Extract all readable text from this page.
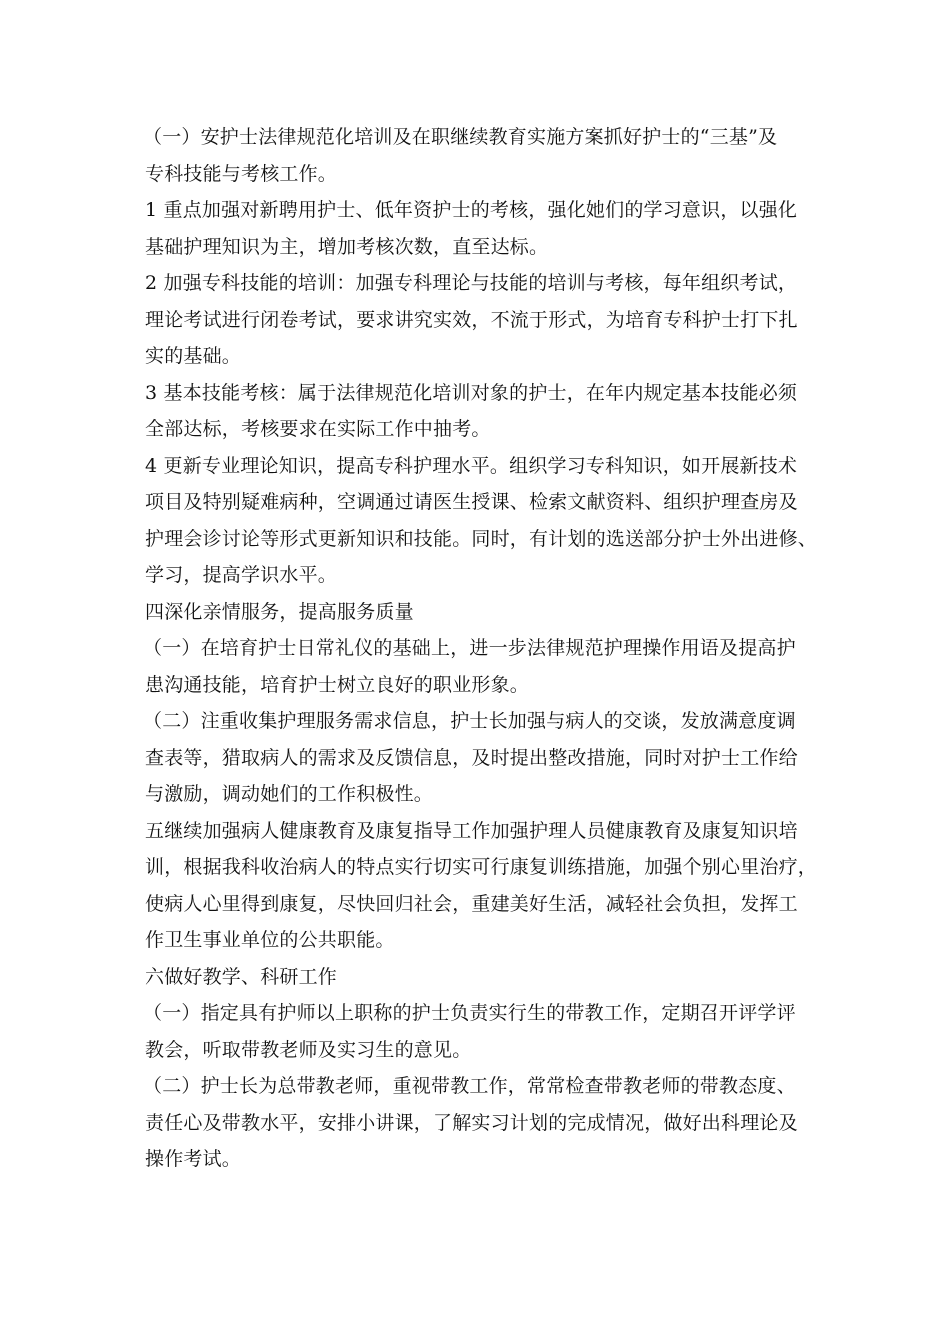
（一）安护士法律规范化培训及在职继续教育实施方案抓好护士的“三基”及
专科技能与考核工作。
1 重点加强对新聘用护士、低年资护士的考核，强化她们的学习意识，以强化
基础护理知识为主，增加考核次数，直至达标。
2 加强专科技能的培训：加强专科理论与技能的培训与考核，每年组织考试，
理论考试进行闭卷考试，要求讲究实效，不流于形式，为培育专科护士打下扎
实的基础。
3 基本技能考核：属于法律规范化培训对象的护士，在年内规定基本技能必须
全部达标，考核要求在实际工作中抽考。
4 更新专业理论知识，提高专科护理水平。组织学习专科知识，如开展新技术
项目及特别疑难病种，空调通过请医生授课、检索文献资料、组织护理查房及
护理会诊讨论等形式更新知识和技能。同时，有计划的选送部分护士外出进修、
学习，提高学识水平。
四深化亲情服务，提高服务质量
（一）在培育护士日常礼仪的基础上，进一步法律规范护理操作用语及提高护
患沟通技能，培育护士树立良好的职业形象。
（二）注重收集护理服务需求信息，护士长加强与病人的交谈，发放满意度调
查表等，猎取病人的需求及反馈信息，及时提出整改措施，同时对护士工作给
与激励，调动她们的工作积极性。
五继续加强病人健康教育及康复指导工作加强护理人员健康教育及康复知识培
训，根据我科收治病人的特点实行切实可行康复训练措施，加强个别心里治疗，
使病人心里得到康复，尽快回归社会，重建美好生活，减轻社会负担，发挥工
作卫生事业单位的公共职能。
六做好教学、科研工作
（一）指定具有护师以上职称的护士负责实行生的带教工作，定期召开评学评
教会，听取带教老师及实习生的意见。
（二）护士长为总带教老师，重视带教工作，常常检查带教老师的带教态度、
责任心及带教水平，安排小讲课，了解实习计划的完成情况，做好出科理论及
操作考试。
